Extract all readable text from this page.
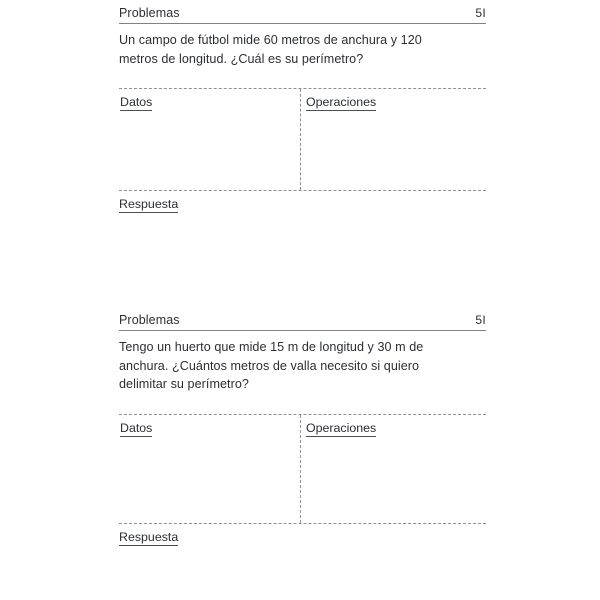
Problemas	5I

Un campo de fútbol mide 60 metros de anchura y 120 metros de longitud. ¿Cuál es su perímetro?

Datos	Operaciones
Respuesta
Problemas	5I

Tengo un huerto que mide 15 m de longitud y 30 m de anchura. ¿Cuántos metros de valla necesito si quiero delimitar su perímetro?

Datos	Operaciones
Respuesta
